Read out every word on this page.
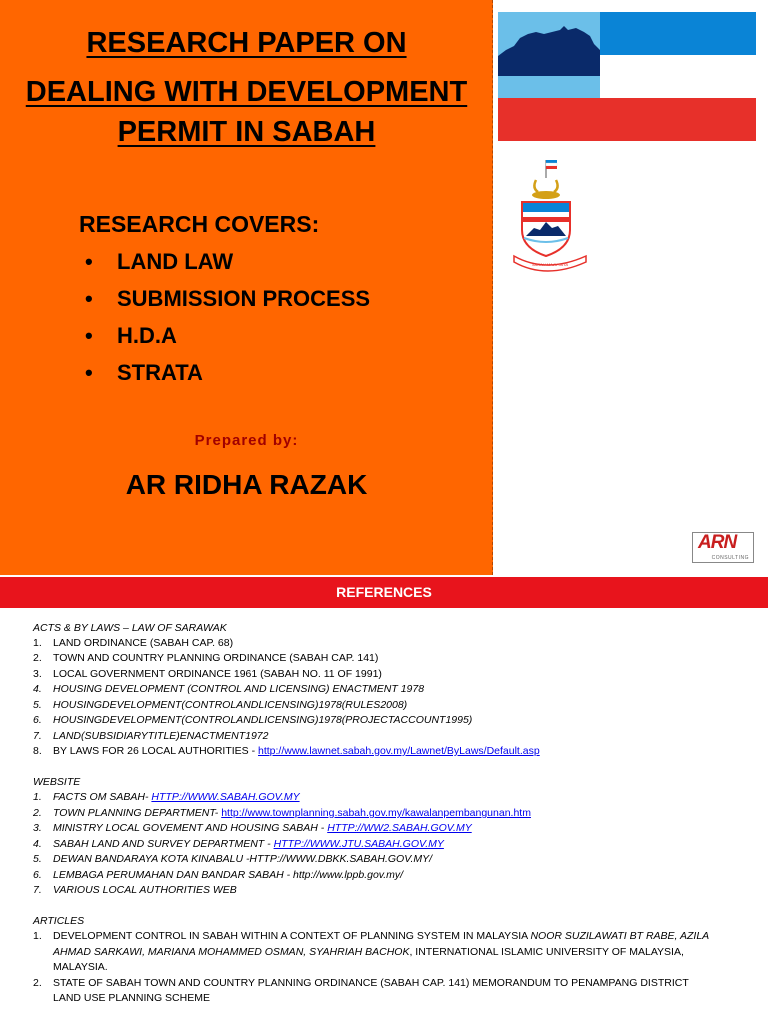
RESEARCH PAPER ON
DEALING WITH DEVELOPMENT
PERMIT IN SABAH
RESEARCH COVERS:
• LAND LAW
• SUBMISSION PROCESS
• H.D.A
• STRATA
Prepared by:
AR RIDHA RAZAK
SABAH MAJU JAYA
ARN
CONSULTING
REFERENCES
ACTS & BY LAWS – LAW OF SARAWAK
1. LAND ORDINANCE (SABAH CAP. 68)
2. TOWN AND COUNTRY PLANNING ORDINANCE (SABAH CAP. 141)
3. LOCAL GOVERNMENT ORDINANCE 1961 (SABAH NO. 11 OF 1991)
4. HOUSING DEVELOPMENT (CONTROL AND LICENSING) ENACTMENT 1978
5. HOUSINGDEVELOPMENT(CONTROLANDLICENSING)1978(RULES2008)
6. HOUSINGDEVELOPMENT(CONTROLANDLICENSING)1978(PROJECTACCOUNT1995)
7. LAND(SUBSIDIARYTITLE)ENACTMENT1972
8. BY LAWS FOR 26 LOCAL AUTHORITIES - http://www.lawnet.sabah.gov.my/Lawnet/ByLaws/Default.asp
WEBSITE
1. FACTS OM SABAH- HTTP://WWW.SABAH.GOV.MY
2. TOWN PLANNING DEPARTMENT- http://www.townplanning.sabah.gov.my/kawalanpembangunan.htm
3. MINISTRY LOCAL GOVEMENT AND HOUSING SABAH - HTTP://WW2.SABAH.GOV.MY
4. SABAH LAND AND SURVEY DEPARTMENT - HTTP://WWW.JTU.SABAH.GOV.MY
5. DEWAN BANDARAYA KOTA KINABALU -HTTP://WWW.DBKK.SABAH.GOV.MY/
6. LEMBAGA PERUMAHAN DAN BANDAR SABAH - http://www.lppb.gov.my/
7. VARIOUS LOCAL AUTHORITIES WEB
ARTICLES
1. DEVELOPMENT CONTROL IN SABAH WITHIN A CONTEXT OF PLANNING SYSTEM IN MALAYSIA NOOR SUZILAWATI BT RABE, AZILA
AHMAD SARKAWI, MARIANA MOHAMMED OSMAN, SYAHRIAH BACHOK, INTERNATIONAL ISLAMIC UNIVERSITY OF MALAYSIA,
MALAYSIA.
2. STATE OF SABAH TOWN AND COUNTRY PLANNING ORDINANCE (SABAH CAP. 141) MEMORANDUM TO PENAMPANG DISTRICT
LAND USE PLANNING SCHEME
